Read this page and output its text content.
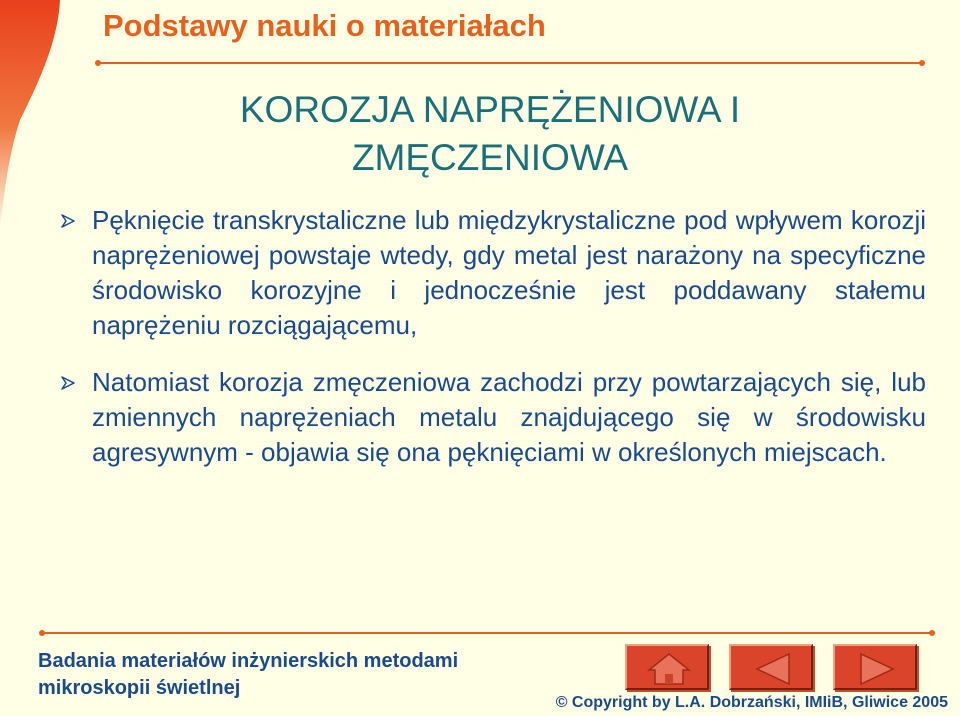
Podstawy nauki o materiałach
KOROZJA NAPRĘŻENIOWA I
ZMĘCZENIOWA
Pęknięcie transkrystaliczne lub międzykrystaliczne pod wpływem korozji naprężeniowej powstaje wtedy, gdy metal jest narażony na specyficzne środowisko korozyjne i jednocześnie jest poddawany stałemu naprężeniu rozciągającemu,
Natomiast korozja zmęczeniowa zachodzi przy powtarzających się, lub zmiennych naprężeniach metalu znajdującego się w środowisku agresywnym - objawia się ona pęknięciami w określonych miejscach.
Badania materiałów inżynierskich metodami
mikroskopii świetlnej
© Copyright by L.A. Dobrzański, IMIiB, Gliwice 2005
